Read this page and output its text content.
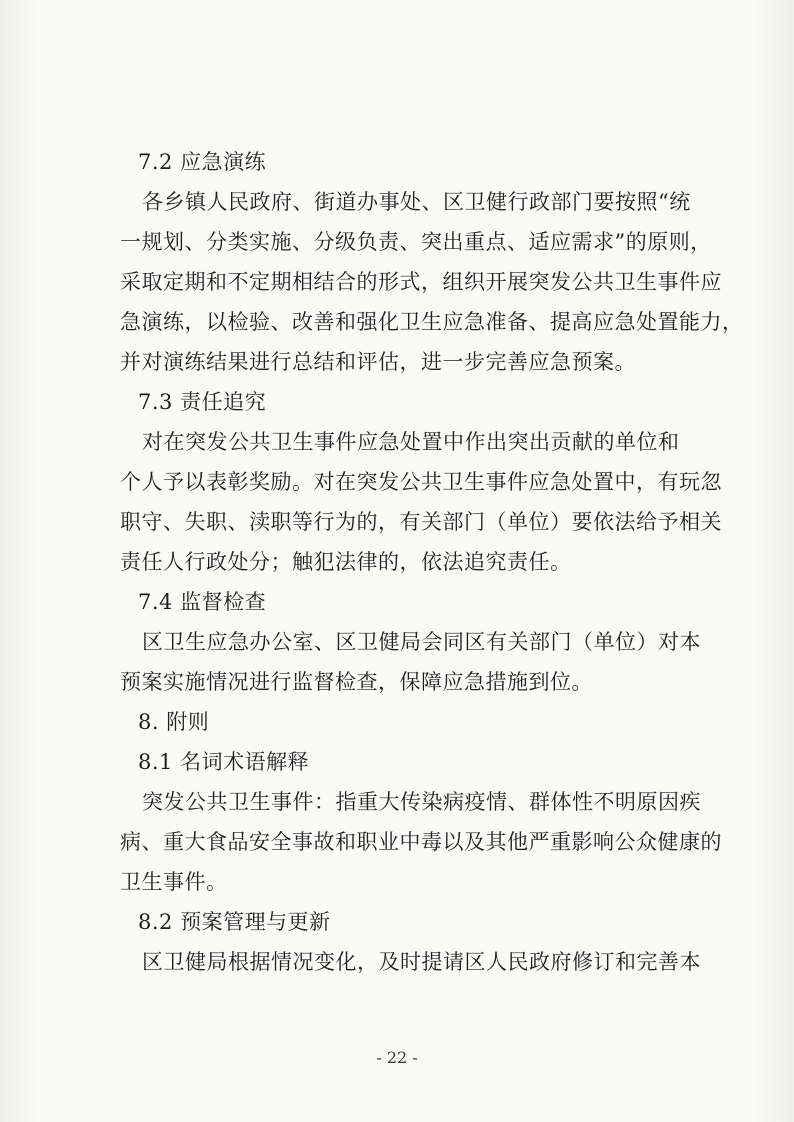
7.2 应急演练

各乡镇人民政府、街道办事处、区卫健行政部门要按照“统
一规划、分类实施、分级负责、突出重点、适应需求”的原则，
采取定期和不定期相结合的形式，组织开展突发公共卫生事件应
急演练，以检验、改善和强化卫生应急准备、提高应急处置能力，
并对演练结果进行总结和评估，进一步完善应急预案。

7.3 责任追究

对在突发公共卫生事件应急处置中作出突出贡献的单位和
个人予以表彰奖励。对在突发公共卫生事件应急处置中，有玩忽
职守、失职、渎职等行为的，有关部门（单位）要依法给予相关
责任人行政处分；触犯法律的，依法追究责任。

7.4 监督检查

区卫生应急办公室、区卫健局会同区有关部门（单位）对本
预案实施情况进行监督检查，保障应急措施到位。

8. 附则

8.1 名词术语解释

突发公共卫生事件：指重大传染病疫情、群体性不明原因疾
病、重大食品安全事故和职业中毒以及其他严重影响公众健康的
卫生事件。

8.2 预案管理与更新

区卫健局根据情况变化，及时提请区人民政府修订和完善本
- 22 -
